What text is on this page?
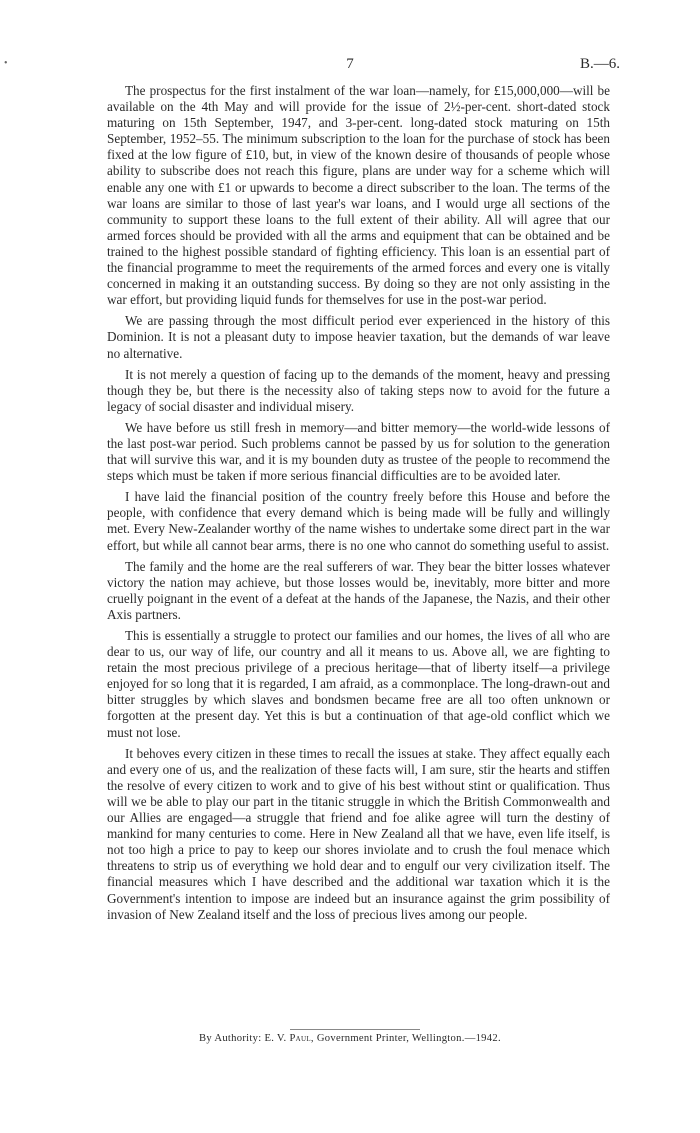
•	7	B.—6.

The prospectus for the first instalment of the war loan—namely, for £15,000,000—will be available on the 4th May and will provide for the issue of 2½-per-cent. short-dated stock maturing on 15th September, 1947, and 3-per-cent. long-dated stock maturing on 15th September, 1952–55. The minimum subscription to the loan for the purchase of stock has been fixed at the low figure of £10, but, in view of the known desire of thousands of people whose ability to subscribe does not reach this figure, plans are under way for a scheme which will enable any one with £1 or upwards to become a direct subscriber to the loan. The terms of the war loans are similar to those of last year's war loans, and I would urge all sections of the community to support these loans to the full extent of their ability. All will agree that our armed forces should be provided with all the arms and equipment that can be obtained and be trained to the highest possible standard of fighting efficiency. This loan is an essential part of the financial programme to meet the requirements of the armed forces and every one is vitally concerned in making it an outstanding success. By doing so they are not only assisting in the war effort, but providing liquid funds for themselves for use in the post-war period.

We are passing through the most difficult period ever experienced in the history of this Dominion. It is not a pleasant duty to impose heavier taxation, but the demands of war leave no alternative.

It is not merely a question of facing up to the demands of the moment, heavy and pressing though they be, but there is the necessity also of taking steps now to avoid for the future a legacy of social disaster and individual misery.

We have before us still fresh in memory—and bitter memory—the world-wide lessons of the last post-war period. Such problems cannot be passed by us for solution to the generation that will survive this war, and it is my bounden duty as trustee of the people to recommend the steps which must be taken if more serious financial difficulties are to be avoided later.

I have laid the financial position of the country freely before this House and before the people, with confidence that every demand which is being made will be fully and willingly met. Every New-Zealander worthy of the name wishes to undertake some direct part in the war effort, but while all cannot bear arms, there is no one who cannot do something useful to assist.

The family and the home are the real sufferers of war. They bear the bitter losses whatever victory the nation may achieve, but those losses would be, inevitably, more bitter and more cruelly poignant in the event of a defeat at the hands of the Japanese, the Nazis, and their other Axis partners.

This is essentially a struggle to protect our families and our homes, the lives of all who are dear to us, our way of life, our country and all it means to us. Above all, we are fighting to retain the most precious privilege of a precious heritage—that of liberty itself—a privilege enjoyed for so long that it is regarded, I am afraid, as a commonplace. The long-drawn-out and bitter struggles by which slaves and bondsmen became free are all too often unknown or forgotten at the present day. Yet this is but a continuation of that age-old conflict which we must not lose.

It behoves every citizen in these times to recall the issues at stake. They affect equally each and every one of us, and the realization of these facts will, I am sure, stir the hearts and stiffen the resolve of every citizen to work and to give of his best without stint or qualification. Thus will we be able to play our part in the titanic struggle in which the British Commonwealth and our Allies are engaged—a struggle that friend and foe alike agree will turn the destiny of mankind for many centuries to come. Here in New Zealand all that we have, even life itself, is not too high a price to pay to keep our shores inviolate and to crush the foul menace which threatens to strip us of everything we hold dear and to engulf our very civilization itself. The financial measures which I have described and the additional war taxation which it is the Government's intention to impose are indeed but an insurance against the grim possibility of invasion of New Zealand itself and the loss of precious lives among our people.

By Authority: E. V. Paul, Government Printer, Wellington.—1942.
